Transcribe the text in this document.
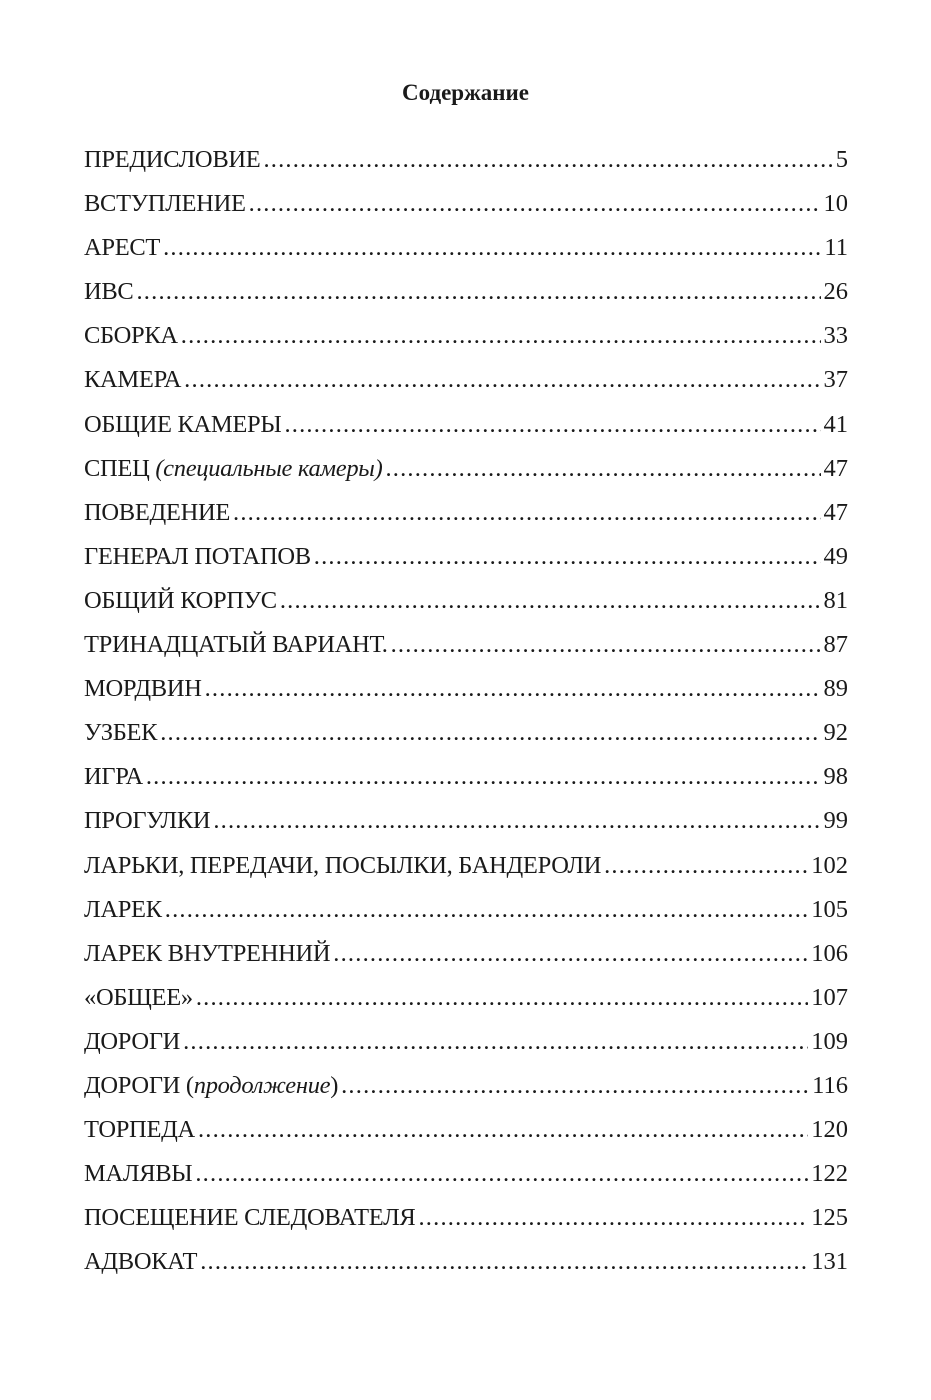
Содержание
ПРЕДИСЛОВИЕ .....	5
ВСТУПЛЕНИЕ .....	10
АРЕСТ .....	11
ИВС .....	26
СБОРКА .....	33
КАМЕРА .....	37
ОБЩИЕ КАМЕРЫ .....	41
СПЕЦ (специальные камеры) .....	47
ПОВЕДЕНИЕ .....	47
ГЕНЕРАЛ ПОТАПОВ .....	49
ОБЩИЙ КОРПУС .....	81
ТРИНАДЦАТЫЙ ВАРИАНТ. .....	87
МОРДВИН .....	89
УЗБЕК .....	92
ИГРА .....	98
ПРОГУЛКИ .....	99
ЛАРЬКИ, ПЕРЕДАЧИ, ПОСЫЛКИ, БАНДЕРОЛИ .....	102
ЛАРЕК .....	105
ЛАРЕК ВНУТРЕННИЙ .....	106
«ОБЩЕЕ» .....	107
ДОРОГИ .....	109
ДОРОГИ (продолжение) .....	116
ТОРПЕДА .....	120
МАЛЯВЫ .....	122
ПОСЕЩЕНИЕ СЛЕДОВАТЕЛЯ .....	125
АДВОКАТ .....	131
